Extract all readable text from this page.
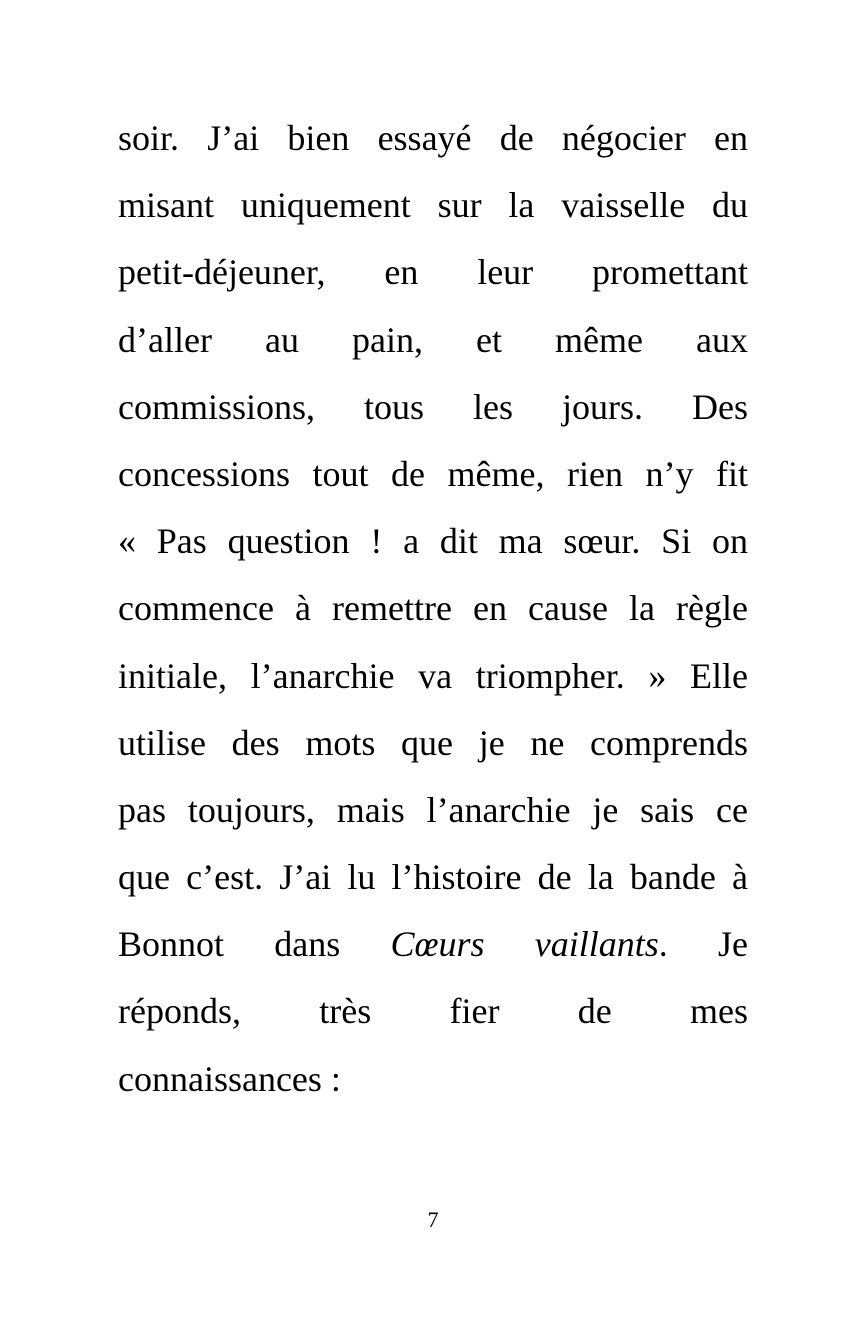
soir. J’ai bien essayé de négocier en
misant uniquement sur la vaisselle du
petit-déjeuner, en leur promettant
d’aller au pain, et même aux
commissions, tous les jours. Des
concessions tout de même, rien n’y fit
« Pas question ! a dit ma sœur. Si on
commence à remettre en cause la règle
initiale, l’anarchie va triompher. » Elle
utilise des mots que je ne comprends
pas toujours, mais l’anarchie je sais ce
que c’est. J’ai lu l’histoire de la bande à
Bonnot dans Cœurs vaillants. Je
réponds, très fier de mes
connaissances :
7
